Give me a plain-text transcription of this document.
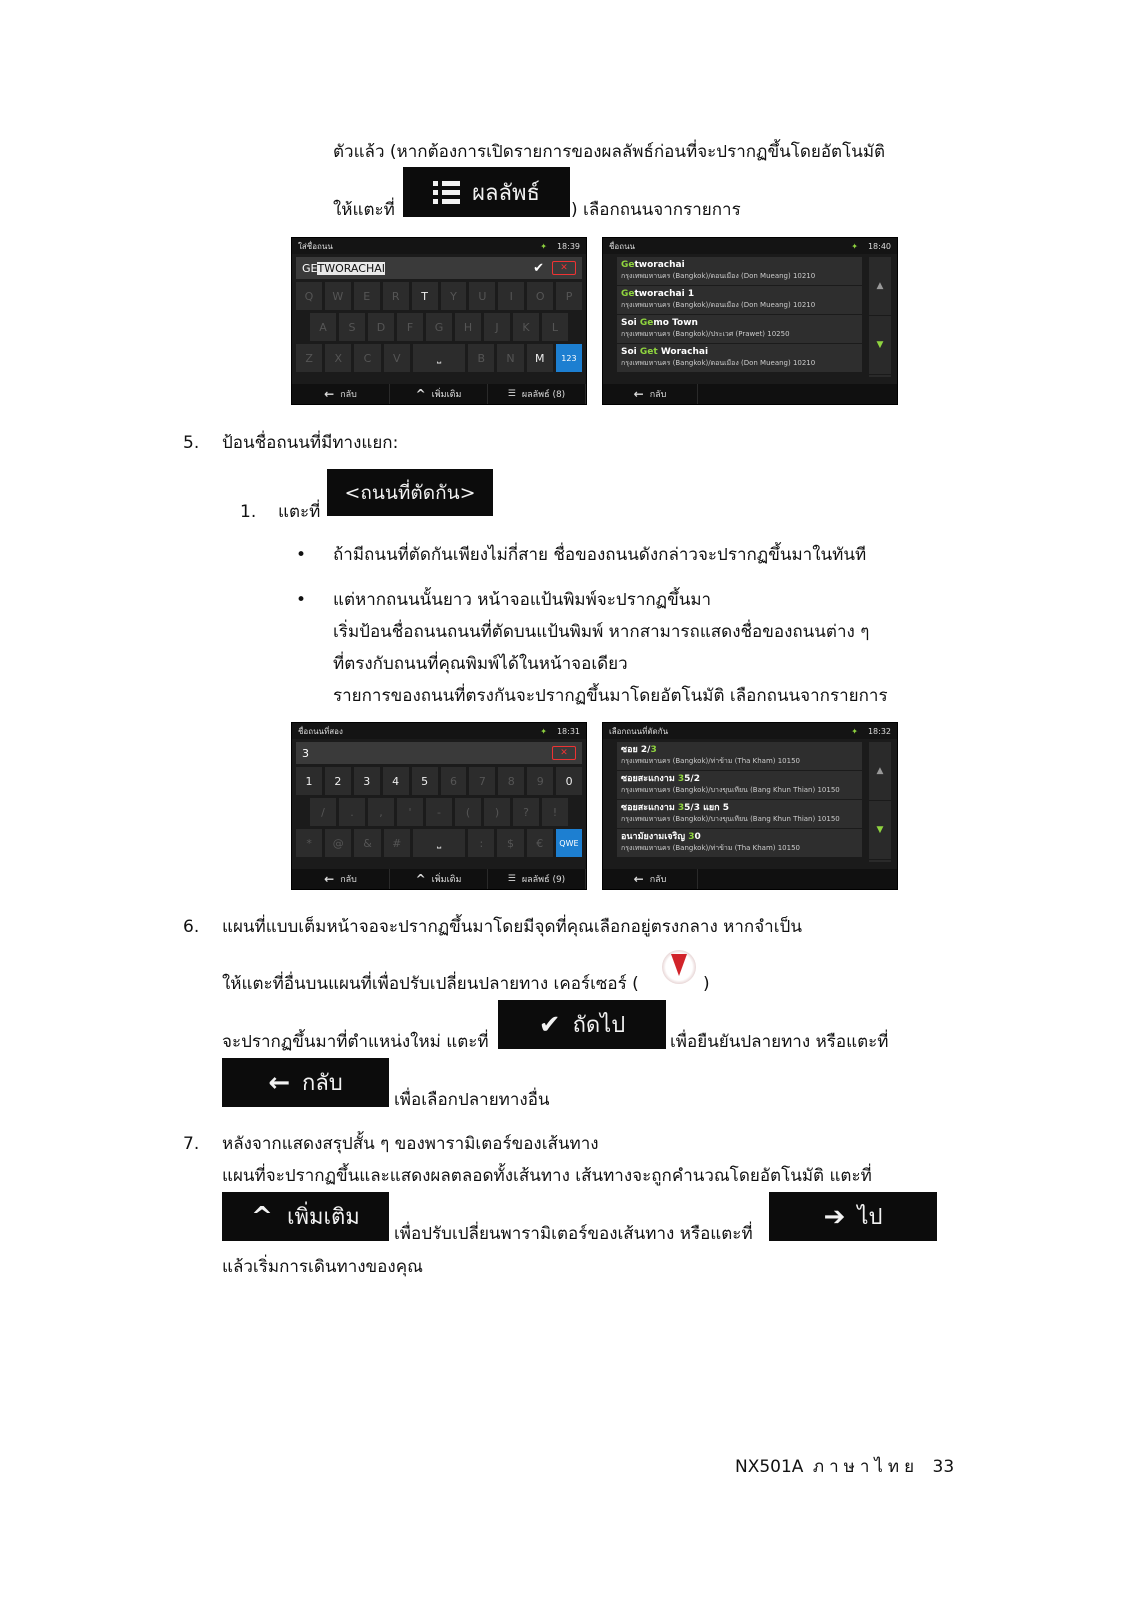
ตัวแล้ว (หากต้องการเปิดรายการของผลลัพธ์ก่อนที่จะปรากฏขึ้นโดยอัตโนมัติ
ให้แตะที่
ผลลัพธ์
) เลือกถนนจากรายการ
ใส่ชื่อถนน	✦ 18:39
GETWORACHAI	✔	✕
Q	W	E	R	T	Y	U	I	O	P
A	S	D	F	G	H	J	K	L
Z	X	C	V	⎵	B	N	M	123
← กลับ	^ เพิ่มเติม	☰ ผลลัพธ์ (8)
ชื่อถนน	✦ 18:40
Getworachai
กรุงเทพมหานคร (Bangkok)/ดอนเมือง (Don Mueang) 10210
Getworachai 1
กรุงเทพมหานคร (Bangkok)/ดอนเมือง (Don Mueang) 10210
Soi Gemo Town
กรุงเทพมหานคร (Bangkok)/ประเวศ (Prawet) 10250
Soi Get Worachai
กรุงเทพมหานคร (Bangkok)/ดอนเมือง (Don Mueang) 10210
▲
▼
← กลับ
5. ป้อนชื่อถนนที่มีทางแยก:
1. แตะที่
<ถนนที่ตัดกัน>
• ถ้ามีถนนที่ตัดกันเพียงไม่กี่สาย ชื่อของถนนดังกล่าวจะปรากฏขึ้นมาในทันที
• แต่หากถนนนั้นยาว หน้าจอแป้นพิมพ์จะปรากฏขึ้นมา
เริ่มป้อนชื่อถนนถนนที่ตัดบนแป้นพิมพ์ หากสามารถแสดงชื่อของถนนต่าง ๆ
ที่ตรงกับถนนที่คุณพิมพ์ได้ในหน้าจอเดียว
รายการของถนนที่ตรงกันจะปรากฏขึ้นมาโดยอัตโนมัติ เลือกถนนจากรายการ
ชื่อถนนที่สอง	✦ 18:31
3	✕
1	2	3	4	5	6	7	8	9	0
/	.	,	'	-	(	)	?	!
*	@	&	#	⎵	:	$	€	QWE
← กลับ	^ เพิ่มเติม	☰ ผลลัพธ์ (9)
เลือกถนนที่ตัดกัน	✦ 18:32
ซอย 2/3
กรุงเทพมหานคร (Bangkok)/ท่าข้าม (Tha Kham) 10150
ซอยสะแกงาม 35/2
กรุงเทพมหานคร (Bangkok)/บางขุนเทียน (Bang Khun Thian) 10150
ซอยสะแกงาม 35/3 แยก 5
กรุงเทพมหานคร (Bangkok)/บางขุนเทียน (Bang Khun Thian) 10150
อนามัยงามเจริญ 30
กรุงเทพมหานคร (Bangkok)/ท่าข้าม (Tha Kham) 10150
▲
▼
← กลับ
6. แผนที่แบบเต็มหน้าจอจะปรากฏขึ้นมาโดยมีจุดที่คุณเลือกอยู่ตรงกลาง หากจำเป็น
ให้แตะที่อื่นบนแผนที่เพื่อปรับเปลี่ยนปลายทาง เคอร์เซอร์ (	)
จะปรากฏขึ้นมาที่ตำแหน่งใหม่ แตะที่
✔ ถัดไป
เพื่อยืนยันปลายทาง หรือแตะที่
← กลับ
เพื่อเลือกปลายทางอื่น
7. หลังจากแสดงสรุปสั้น ๆ ของพารามิเตอร์ของเส้นทาง
แผนที่จะปรากฏขึ้นและแสดงผลตลอดทั้งเส้นทาง เส้นทางจะถูกคำนวณโดยอัตโนมัติ แตะที่
^ เพิ่มเติม
เพื่อปรับเปลี่ยนพารามิเตอร์ของเส้นทาง หรือแตะที่
➔ ไป
แล้วเริ่มการเดินทางของคุณ
NX501A ภาษาไทย 33
